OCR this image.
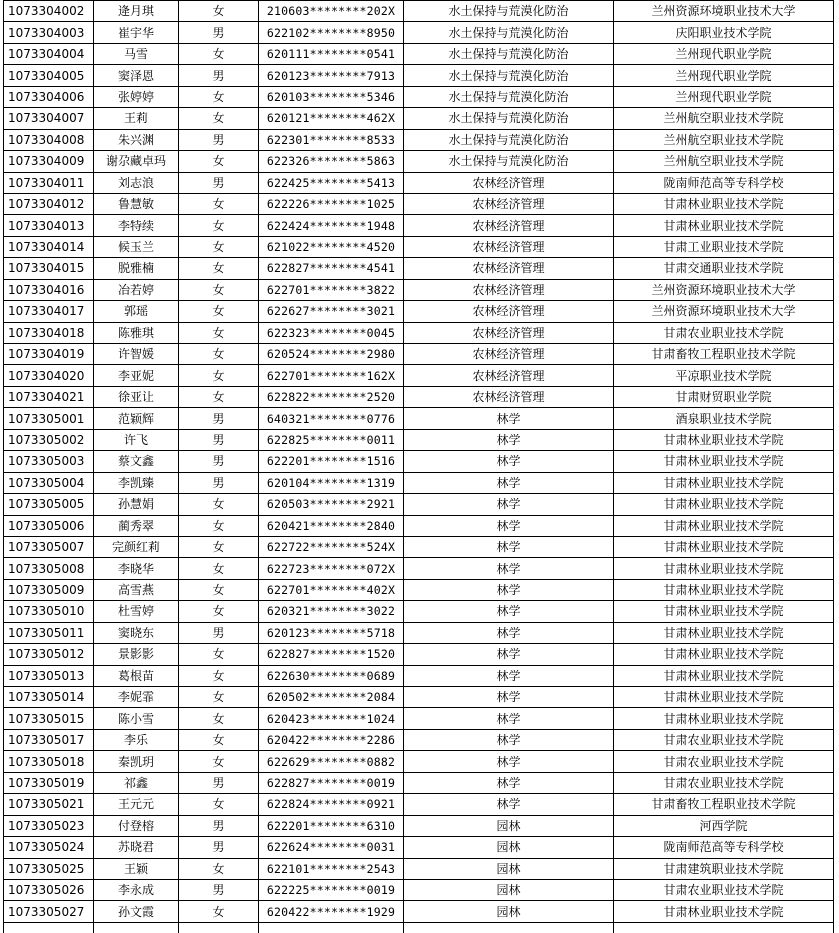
1073304002	逄月琪	女	210603********202X	水土保持与荒漠化防治	兰州资源环境职业技术大学
1073304003	崔宇华	男	622102********8950	水土保持与荒漠化防治	庆阳职业技术学院
1073304004	马雪	女	620111********0541	水土保持与荒漠化防治	兰州现代职业学院
1073304005	窦泽恩	男	620123********7913	水土保持与荒漠化防治	兰州现代职业学院
1073304006	张婷婷	女	620103********5346	水土保持与荒漠化防治	兰州现代职业学院
1073304007	王莉	女	620121********462X	水土保持与荒漠化防治	兰州航空职业技术学院
1073304008	朱兴渊	男	622301********8533	水土保持与荒漠化防治	兰州航空职业技术学院
1073304009	谢尕藏卓玛	女	622326********5863	水土保持与荒漠化防治	兰州航空职业技术学院
1073304011	刘志浪	男	622425********5413	农林经济管理	陇南师范高等专科学校
1073304012	鲁慧敏	女	622226********1025	农林经济管理	甘肃林业职业技术学院
1073304013	李特续	女	622424********1948	农林经济管理	甘肃林业职业技术学院
1073304014	候玉兰	女	621022********4520	农林经济管理	甘肃工业职业技术学院
1073304015	脱雅楠	女	622827********4541	农林经济管理	甘肃交通职业技术学院
1073304016	冶若婷	女	622701********3822	农林经济管理	兰州资源环境职业技术大学
1073304017	郭瑶	女	622627********3021	农林经济管理	兰州资源环境职业技术大学
1073304018	陈雅琪	女	622323********0045	农林经济管理	甘肃农业职业技术学院
1073304019	许智媛	女	620524********2980	农林经济管理	甘肃畜牧工程职业技术学院
1073304020	李亚妮	女	622701********162X	农林经济管理	平凉职业技术学院
1073304021	徐亚让	女	622822********2520	农林经济管理	甘肃财贸职业学院
1073305001	范颖辉	男	640321********0776	林学	酒泉职业技术学院
1073305002	许飞	男	622825********0011	林学	甘肃林业职业技术学院
1073305003	蔡文鑫	男	622201********1516	林学	甘肃林业职业技术学院
1073305004	李凯臻	男	620104********1319	林学	甘肃林业职业技术学院
1073305005	孙慧娟	女	620503********2921	林学	甘肃林业职业技术学院
1073305006	蔺秀翠	女	620421********2840	林学	甘肃林业职业技术学院
1073305007	完颜红莉	女	622722********524X	林学	甘肃林业职业技术学院
1073305008	李晓华	女	622723********072X	林学	甘肃林业职业技术学院
1073305009	高雪燕	女	622701********402X	林学	甘肃林业职业技术学院
1073305010	杜雪婷	女	620321********3022	林学	甘肃林业职业技术学院
1073305011	窦晓东	男	620123********5718	林学	甘肃林业职业技术学院
1073305012	景影影	女	622827********1520	林学	甘肃林业职业技术学院
1073305013	葛根苗	女	622630********0689	林学	甘肃林业职业技术学院
1073305014	李妮霏	女	620502********2084	林学	甘肃林业职业技术学院
1073305015	陈小雪	女	620423********1024	林学	甘肃林业职业技术学院
1073305017	李乐	女	620422********2286	林学	甘肃农业职业技术学院
1073305018	秦凯玥	女	622629********0882	林学	甘肃农业职业技术学院
1073305019	祁鑫	男	622827********0019	林学	甘肃农业职业技术学院
1073305021	王元元	女	622824********0921	林学	甘肃畜牧工程职业技术学院
1073305023	付登榕	男	622201********6310	园林	河西学院
1073305024	苏晓君	男	622624********0031	园林	陇南师范高等专科学校
1073305025	王颖	女	622101********2543	园林	甘肃建筑职业技术学院
1073305026	李永成	男	622225********0019	园林	甘肃农业职业技术学院
1073305027	孙文霞	女	620422********1929	园林	甘肃林业职业技术学院
